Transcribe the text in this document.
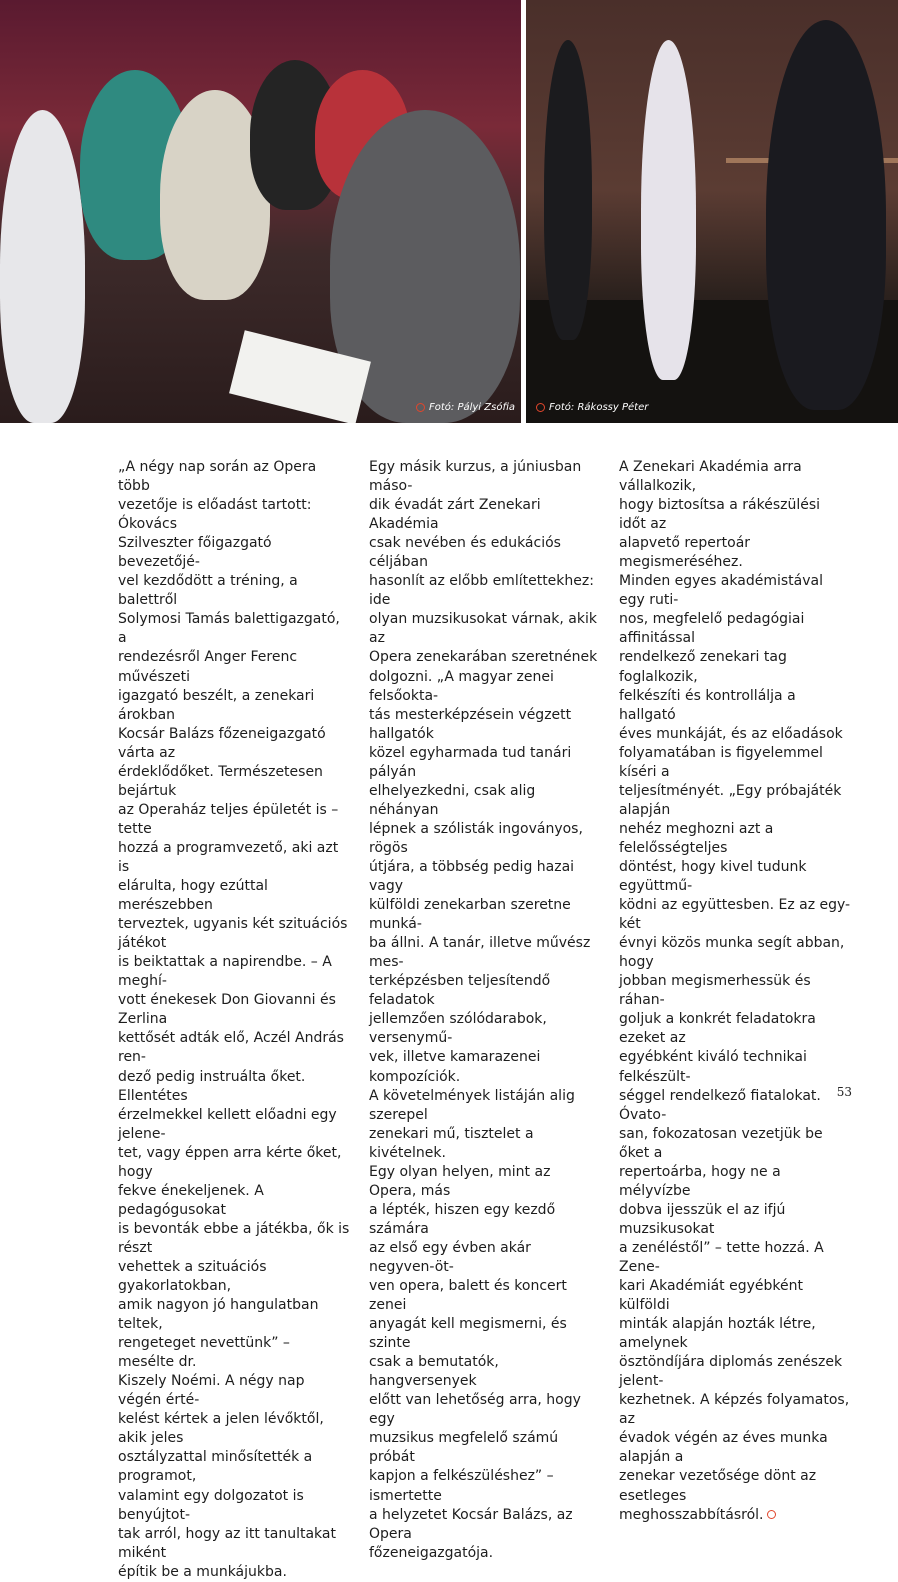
Fotó: Pályi Zsófia	Fotó: Rákossy Péter

„A négy nap során az Opera több
vezetője is előadást tartott: Ókovács
Szilveszter főigazgató bevezetőjé-
vel kezdődött a tréning, a balettről
Solymosi Tamás balettigazgató, a
rendezésről Anger Ferenc művészeti
igazgató beszélt, a zenekari árokban
Kocsár Balázs főzeneigazgató várta az
érdeklődőket. Természetesen bejártuk
az Operaház teljes épületét is – tette
hozzá a programvezető, aki azt is
elárulta, hogy ezúttal merészebben
terveztek, ugyanis két szituációs játékot
is beiktattak a napirendbe. – A meghí-
vott énekesek Don Giovanni és Zerlina
kettősét adták elő, Aczél András ren-
dező pedig instruálta őket. Ellentétes
érzelmekkel kellett előadni egy jelene-
tet, vagy éppen arra kérte őket, hogy
fekve énekeljenek. A pedagógusokat
is bevonták ebbe a játékba, ők is részt
vehettek a szituációs gyakorlatokban,
amik nagyon jó hangulatban teltek,
rengeteget nevettünk” – mesélte dr.
Kiszely Noémi. A négy nap végén érté-
kelést kértek a jelen lévőktől, akik jeles
osztályzattal minősítették a programot,
valamint egy dolgozatot is benyújtot-
tak arról, hogy az itt tanultakat miként
építik be a munkájukba.

Egy másik kurzus, a júniusban máso-
dik évadát zárt Zenekari Akadémia
csak nevében és edukációs céljában
hasonlít az előbb említettekhez: ide
olyan muzsikusokat várnak, akik az
Opera zenekarában szeretnének
dolgozni. „A magyar zenei felsőokta-
tás mesterképzésein végzett hallgatók
közel egyharmada tud tanári pályán
elhelyezkedni, csak alig néhányan
lépnek a szólisták ingoványos, rögös
útjára, a többség pedig hazai vagy
külföldi zenekarban szeretne munká-
ba állni. A tanár, illetve művész mes-
terképzésben teljesítendő feladatok
jellemzően szólódarabok, versenymű-
vek, illetve kamarazenei kompozíciók.
A követelmények listáján alig szerepel
zenekari mű, tisztelet a kivételnek.
Egy olyan helyen, mint az Opera, más
a lépték, hiszen egy kezdő számára
az első egy évben akár negyven-öt-
ven opera, balett és koncert zenei
anyagát kell megismerni, és szinte
csak a bemutatók, hangversenyek
előtt van lehetőség arra, hogy egy
muzsikus megfelelő számú próbát
kapjon a felkészüléshez” – ismertette
a helyzetet Kocsár Balázs, az Opera
főzeneigazgatója.

A Zenekari Akadémia arra vállalkozik,
hogy biztosítsa a rákészülési időt az
alapvető repertoár megismeréséhez.
Minden egyes akadémistával egy ruti-
nos, megfelelő pedagógiai affinitással
rendelkező zenekari tag foglalkozik,
felkészíti és kontrollálja a hallgató
éves munkáját, és az előadások
folyamatában is figyelemmel kíséri a
teljesítményét. „Egy próbajáték alapján
nehéz meghozni azt a felelősségteljes
döntést, hogy kivel tudunk együttmű-
ködni az együttesben. Ez az egy-két
évnyi közös munka segít abban, hogy
jobban megismerhessük és ráhan-
goljuk a konkrét feladatokra ezeket az
egyébként kiváló technikai felkészült-
séggel rendelkező fiatalokat. Óvato-
san, fokozatosan vezetjük be őket a
repertoárba, hogy ne a mélyvízbe
dobva ijesszük el az ifjú muzsikusokat
a zenéléstől” – tette hozzá. A Zene-
kari Akadémiát egyébként külföldi
minták alapján hozták létre, amelynek
ösztöndíjára diplomás zenészek jelent-
kezhetnek. A képzés folyamatos, az
évadok végén az éves munka alapján a
zenekar vezetősége dönt az esetleges
meghosszabbításról.

53
